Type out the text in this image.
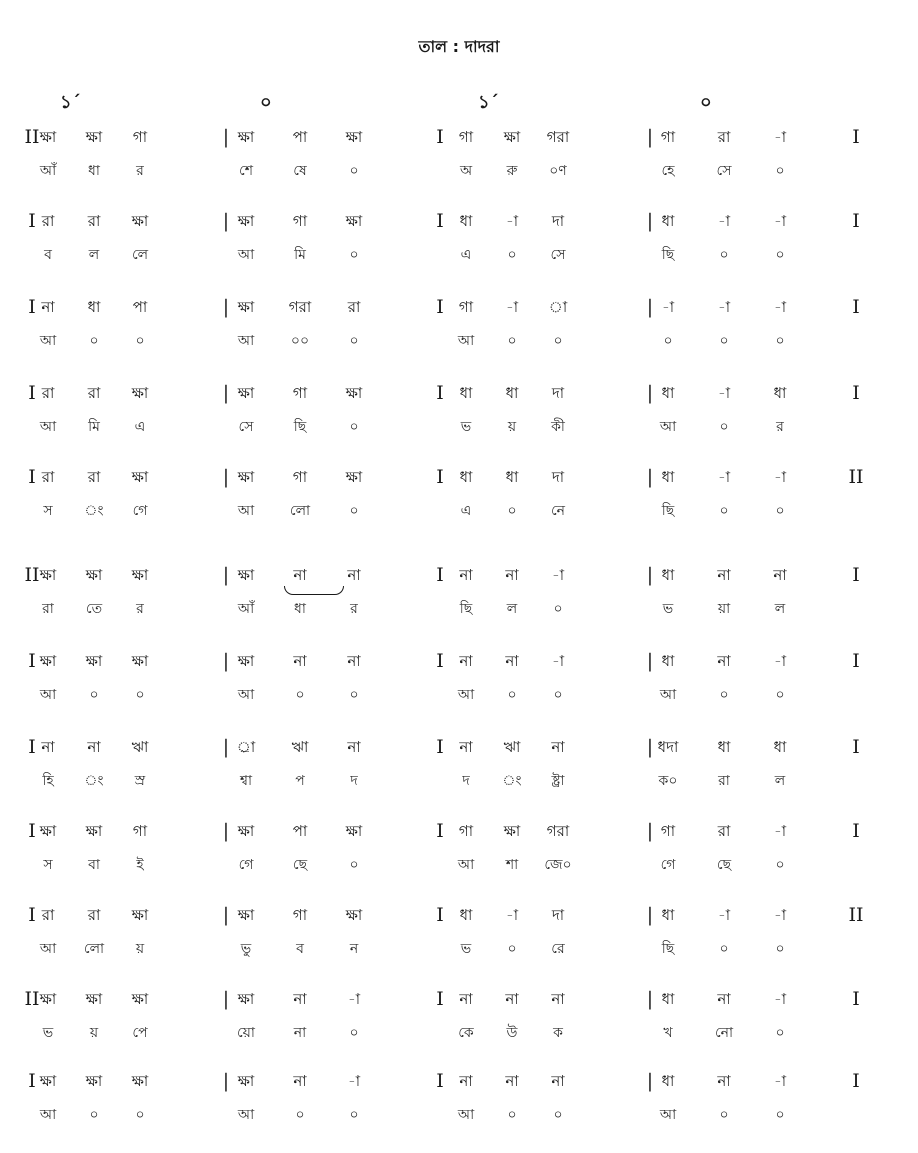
তাল : দাদরা
১´	০	১´	০
II	|	I	|	I
ক্ষা	ক্ষা	গা	ক্ষা	পা	ক্ষা	গা	ক্ষা	গরা	গা	রা	-া
আঁ	ধা	র	শে	ষে	০	অ	রু	০ণ	হে	সে	০
I	|	I	|	I
রা	রা	ক্ষা	ক্ষা	গা	ক্ষা	ধা	-া	দা	ধা	-া	-া
ব	ল	লে	আ	মি	০	এ	০	সে	ছি	০	০
I	|	I	|	I
না	ধা	পা	ক্ষা	গরা	রা	গা	-া	া	-া	-া	-া
আ	০	০	আ	০০	০	আ	০	০	০	০	০
I	|	I	|	I
রা	রা	ক্ষা	ক্ষা	গা	ক্ষা	ধা	ধা	দা	ধা	-া	ধা
আ	মি	এ	সে	ছি	০	ভ	য়	কী	আ	০	র
I	|	I	|	II
রা	রা	ক্ষা	ক্ষা	গা	ক্ষা	ধা	ধা	দা	ধা	-া	-া
স	ং	গে	আ	লো	০	এ	০	নে	ছি	০	০
II	|	I	|	I
ক্ষা	ক্ষা	ক্ষা	ক্ষা	না	না	না	না	-া	ধা	না	না
রা	তে	র	আঁ	ধা	র	ছি	ল	০	ভ	য়া	ল
I	|	I	|	I
ক্ষা	ক্ষা	ক্ষা	ক্ষা	না	না	না	না	-া	ধা	না	-া
আ	০	০	আ	০	০	আ	০	০	আ	০	০
I	|	I	|	I
না	না	ঋা	র্া	ঋা	না	না	ঋা	না	ধদা	ধা	ধা
হি	ং	স্র	শ্বা	প	দ	দ	ং	ষ্ট্রা	ক০	রা	ল
I	|	I	|	I
ক্ষা	ক্ষা	গা	ক্ষা	পা	ক্ষা	গা	ক্ষা	গরা	গা	রা	-া
স	বা	ই	গে	ছে	০	আ	শা	জে০	গে	ছে	০
I	|	I	|	II
রা	রা	ক্ষা	ক্ষা	গা	ক্ষা	ধা	-া	দা	ধা	-া	-া
আ	লো	য়	ভু	ব	ন	ভ	০	রে	ছি	০	০
II	|	I	|	I
ক্ষা	ক্ষা	ক্ষা	ক্ষা	না	-া	না	না	না	ধা	না	-া
ভ	য়	পে	য়ো	না	০	কে	উ	ক	খ	নো	০
I	|	I	|	I
ক্ষা	ক্ষা	ক্ষা	ক্ষা	না	-া	না	না	না	ধা	না	-া
আ	০	০	আ	০	০	আ	০	০	আ	০	০
